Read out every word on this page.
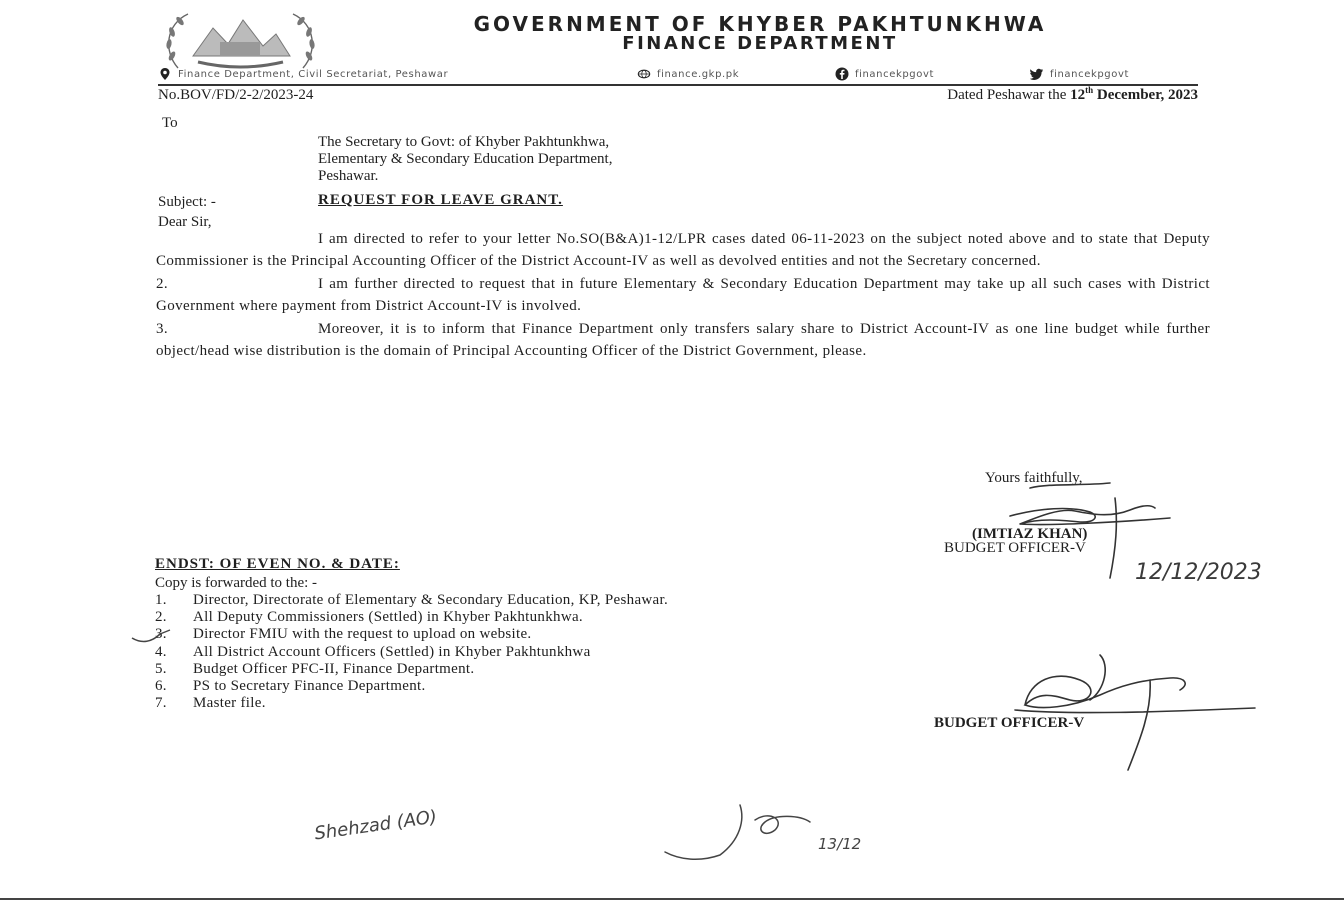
GOVERNMENT OF KHYBER PAKHTUNKHWA
FINANCE DEPARTMENT
Finance Department, Civil Secretariat, Peshawar	finance.gkp.pk	financekpgovt	financekpgovt
No.BOV/FD/2-2/2023-24	Dated Peshawar the 12th December, 2023
To
The Secretary to Govt: of Khyber Pakhtunkhwa,
Elementary & Secondary Education Department,
Peshawar.
Subject: -	REQUEST FOR LEAVE GRANT.
Dear Sir,

I am directed to refer to your letter No.SO(B&A)1-12/LPR cases dated 06-11-2023 on the subject noted above and to state that Deputy Commissioner is the Principal Accounting Officer of the District Account-IV as well as devolved entities and not the Secretary concerned.

2.	I am further directed to request that in future Elementary & Secondary Education Department may take up all such cases with District Government where payment from District Account-IV is involved.

3.	Moreover, it is to inform that Finance Department only transfers salary share to District Account-IV as one line budget while further object/head wise distribution is the domain of Principal Accounting Officer of the District Government, please.

Yours faithfully,
(IMTIAZ KHAN)
BUDGET OFFICER-V
12/12/2023
ENDST: OF EVEN NO. & DATE:
Copy is forwarded to the: -
1.	Director, Directorate of Elementary & Secondary Education, KP, Peshawar.
2.	All Deputy Commissioners (Settled) in Khyber Pakhtunkhwa.
3.	Director FMIU with the request to upload on website.
4.	All District Account Officers (Settled) in Khyber Pakhtunkhwa
5.	Budget Officer PFC-II, Finance Department.
6.	PS to Secretary Finance Department.
7.	Master file.
BUDGET OFFICER-V
Shehzad (AO)	13/12
